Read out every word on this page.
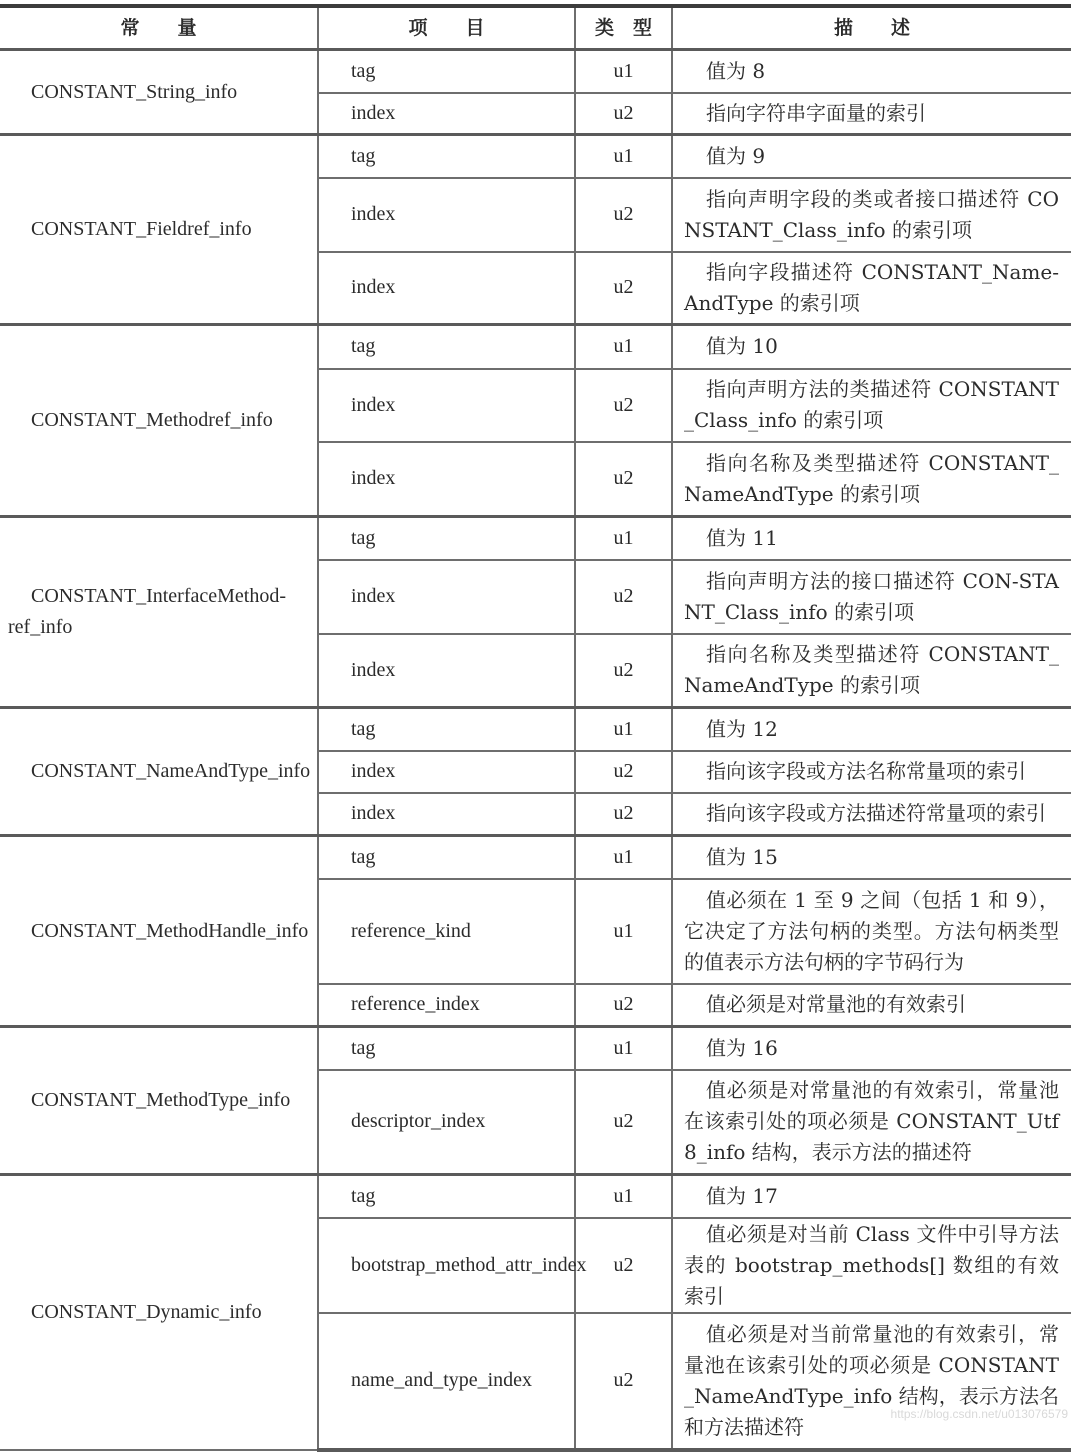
常　　量	项　　目	类　型	描　　述
CONSTANT_String_info	tag	u1	值为 8
	index	u2	指向字符串字面量的索引
CONSTANT_Fieldref_info	tag	u1	值为 9
	index	u2	指向声明字段的类或者接口描述符 CONSTANT_Class_info 的索引项
	index	u2	指向字段描述符 CONSTANT_Name-AndType 的索引项
CONSTANT_Methodref_info	tag	u1	值为 10
	index	u2	指向声明方法的类描述符 CONSTANT_Class_info 的索引项
	index	u2	指向名称及类型描述符 CONSTANT_NameAndType 的索引项
CONSTANT_InterfaceMethod-ref_info	tag	u1	值为 11
	index	u2	指向声明方法的接口描述符 CON-STANT_Class_info 的索引项
	index	u2	指向名称及类型描述符 CONSTANT_NameAndType 的索引项
CONSTANT_NameAndType_info	tag	u1	值为 12
	index	u2	指向该字段或方法名称常量项的索引
	index	u2	指向该字段或方法描述符常量项的索引
CONSTANT_MethodHandle_info	tag	u1	值为 15
	reference_kind	u1	值必须在 1 至 9 之间（包括 1 和 9），它决定了方法句柄的类型。方法句柄类型的值表示方法句柄的字节码行为
	reference_index	u2	值必须是对常量池的有效索引
CONSTANT_MethodType_info	tag	u1	值为 16
	descriptor_index	u2	值必须是对常量池的有效索引，常量池在该索引处的项必须是 CONSTANT_Utf8_info 结构，表示方法的描述符
CONSTANT_Dynamic_info	tag	u1	值为 17
	bootstrap_method_attr_index	u2	值必须是对当前 Class 文件中引导方法表的 bootstrap_methods[] 数组的有效索引
	name_and_type_index	u2	值必须是对当前常量池的有效索引，常量池在该索引处的项必须是 CONSTANT_NameAndType_info 结构，表示方法名和方法描述符
https://blog.csdn.net/u013076579
